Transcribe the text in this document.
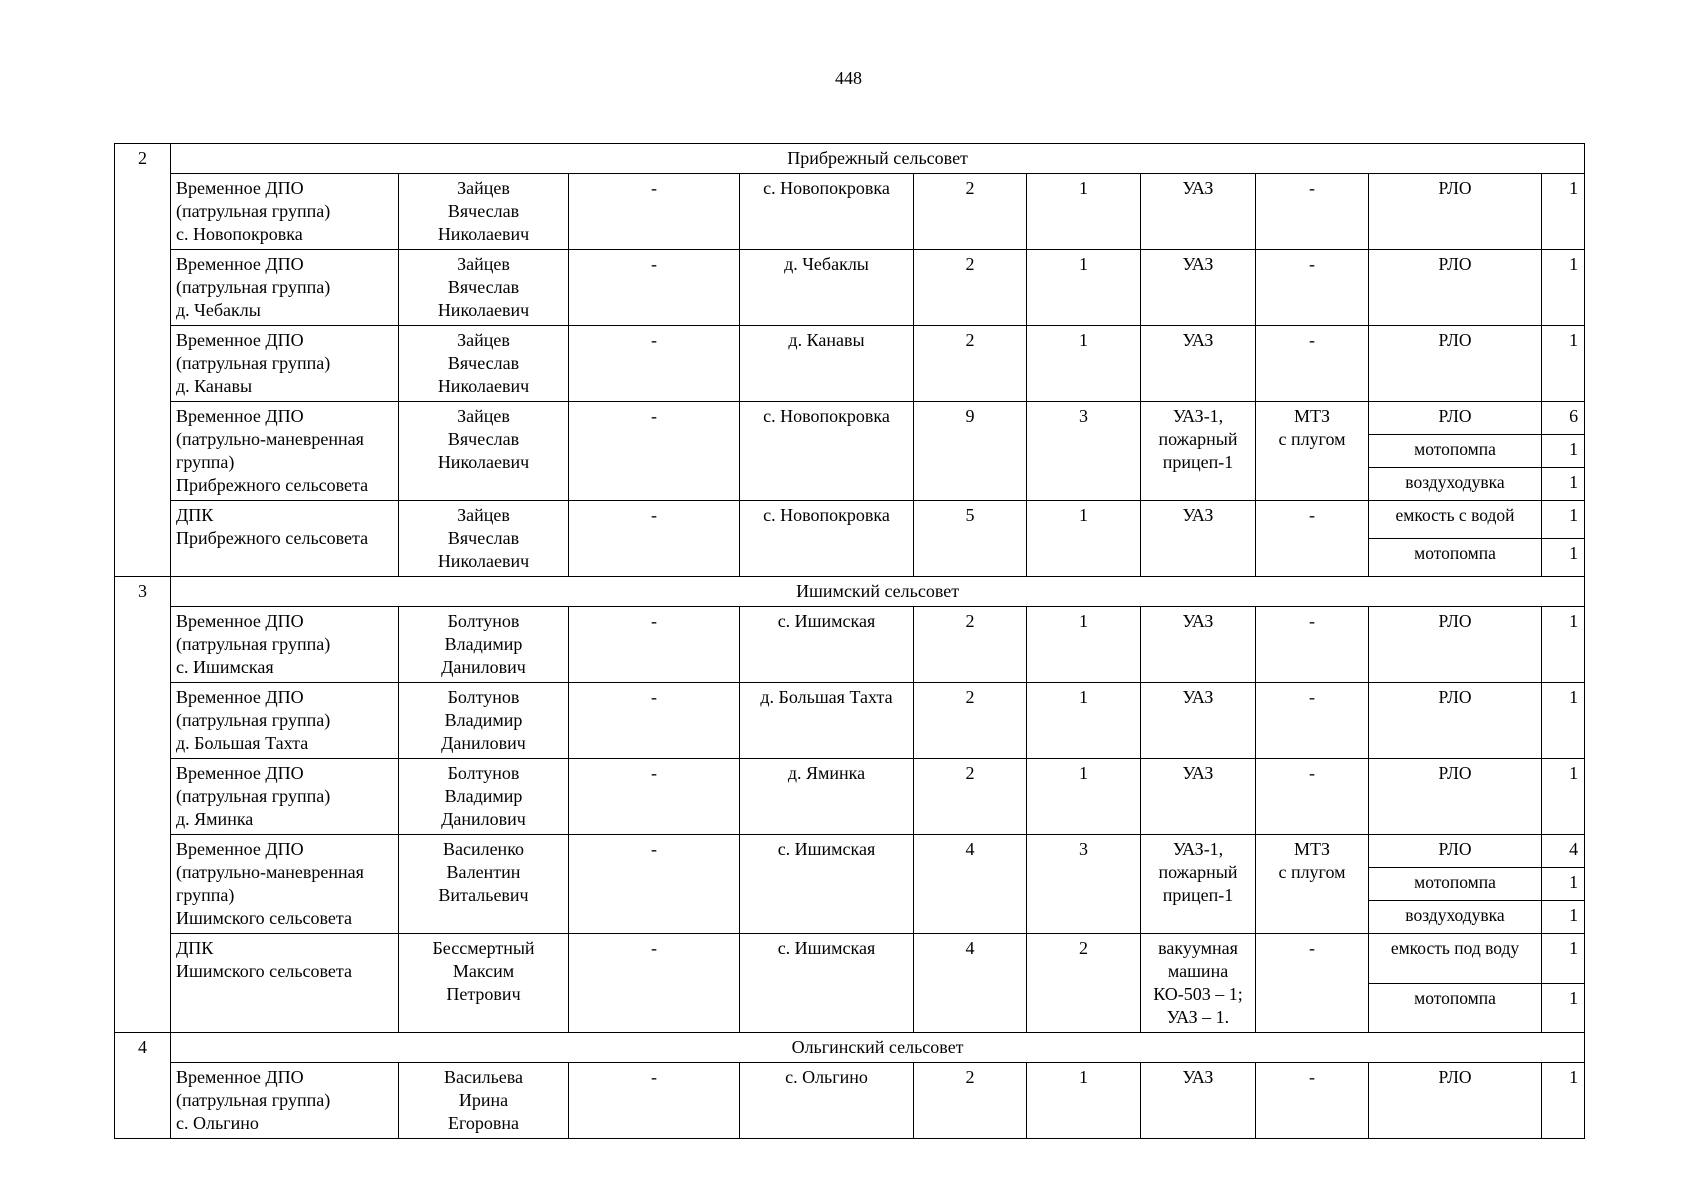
448
2	Прибрежный сельсовет									

	Временное ДПО
(патрульная группа)
с. Новопокровка	Зайцев
Вячеслав
Николаевич	-	с. Новопокровка	2	1	УАЗ	-	РЛО	1

	Временное ДПО
(патрульная группа)
д. Чебаклы	Зайцев
Вячеслав
Николаевич	-	д. Чебаклы	2	1	УАЗ	-	РЛО	1

	Временное ДПО
(патрульная группа)
д. Канавы	Зайцев
Вячеслав
Николаевич	-	д. Канавы	2	1	УАЗ	-	РЛО	1

	Временное ДПО
(патрульно-маневренная
группа)
Прибрежного сельсовета	Зайцев
Вячеслав
Николаевич	-	с. Новопокровка	9	3	УАЗ-1,
пожарный
прицеп-1	МТЗ
с плугом	РЛО	6
									мотопомпа	1
									воздуходувка	1

	ДПК
Прибрежного сельсовета	Зайцев
Вячеслав
Николаевич	-	с. Новопокровка	5	1	УАЗ	-	емкость с водой	1
									мотопомпа	1
3	Ишимский сельсовет									

	Временное ДПО
(патрульная группа)
с. Ишимская	Болтунов
Владимир
Данилович	-	с. Ишимская	2	1	УАЗ	-	РЛО	1

	Временное ДПО
(патрульная группа)
д. Большая Тахта	Болтунов
Владимир
Данилович	-	д. Большая Тахта	2	1	УАЗ	-	РЛО	1

	Временное ДПО
(патрульная группа)
д. Яминка	Болтунов
Владимир
Данилович	-	д. Яминка	2	1	УАЗ	-	РЛО	1

	Временное ДПО
(патрульно-маневренная
группа)
Ишимского сельсовета	Василенко
Валентин
Витальевич	-	с. Ишимская	4	3	УАЗ-1,
пожарный
прицеп-1	МТЗ
с плугом	РЛО	4
									мотопомпа	1
									воздуходувка	1

	ДПК
Ишимского сельсовета	Бессмертный
Максим
Петрович	-	с. Ишимская	4	2	вакуумная
машина
КО-503 – 1;
УАЗ – 1.	-	емкость под воду	1
									мотопомпа	1
4	Ольгинский сельсовет									

	Временное ДПО
(патрульная группа)
с. Ольгино	Васильева
Ирина
Егоровна	-	с. Ольгино	2	1	УАЗ	-	РЛО	1
